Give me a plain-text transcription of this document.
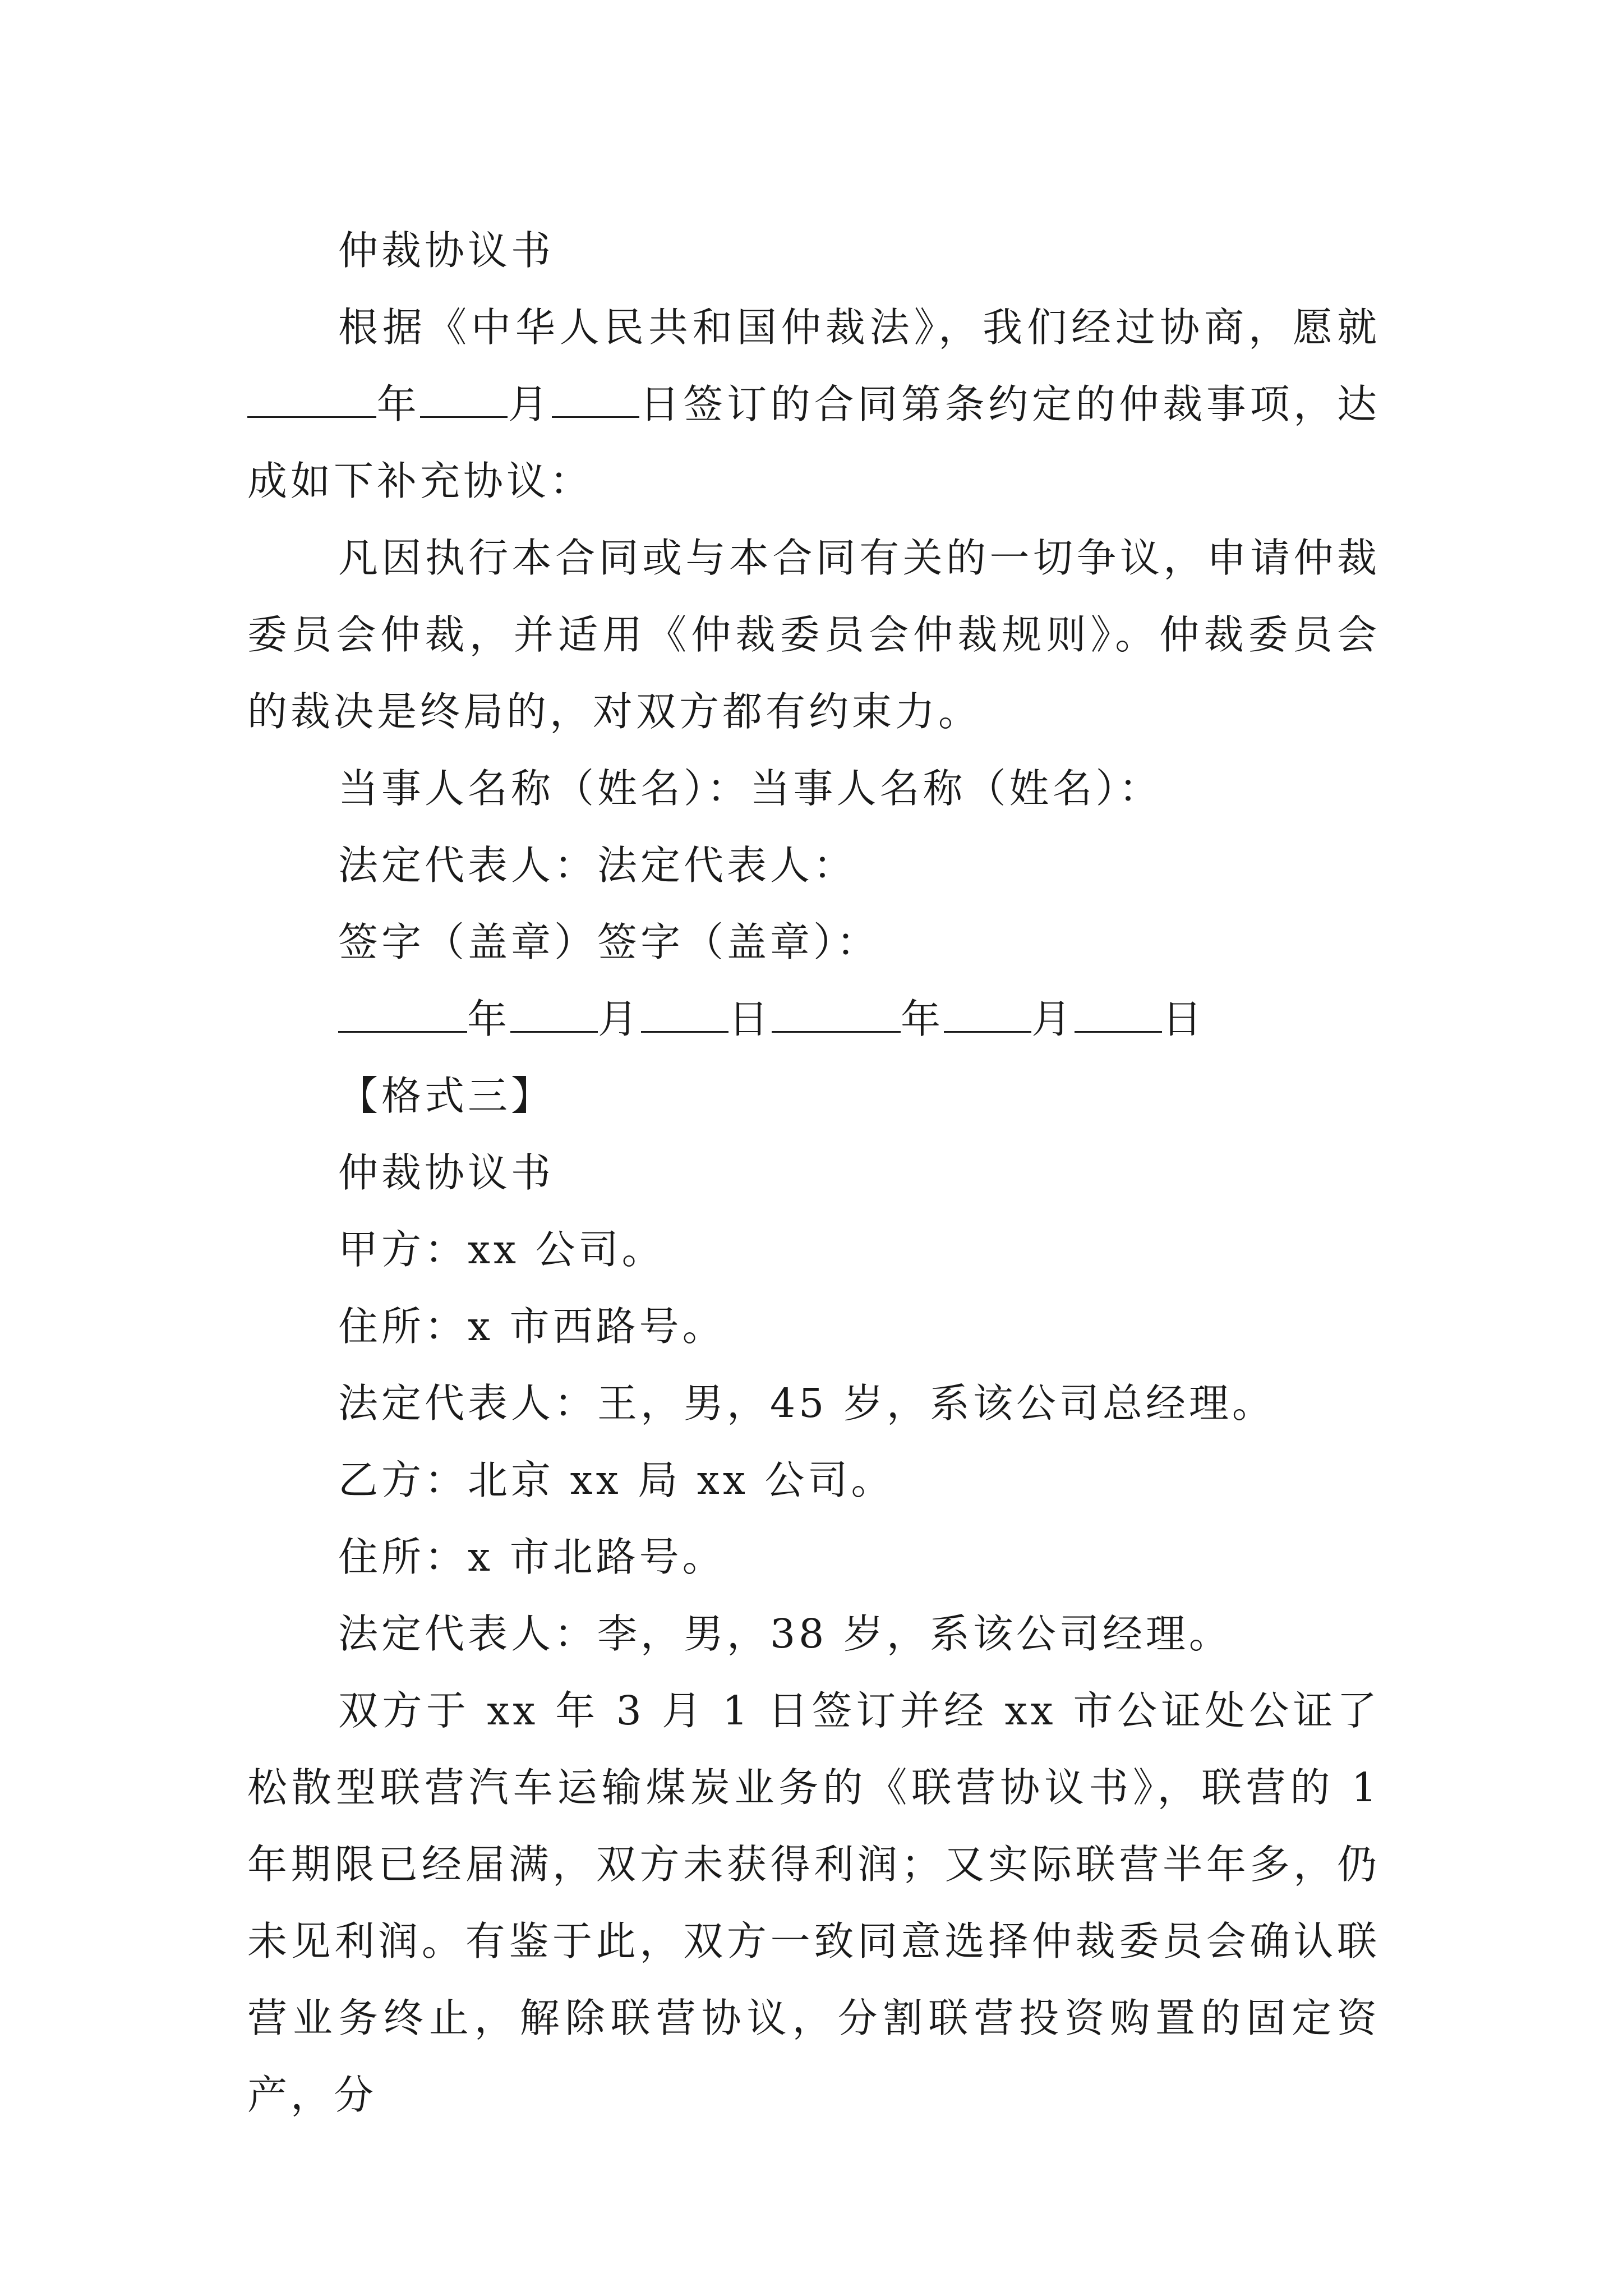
仲裁协议书

根据《中华人民共和国仲裁法》，我们经过协商，愿就年 月 日签订的合同第条约定的仲裁事项，达成如下补充协议：

凡因执行本合同或与本合同有关的一切争议，申请仲裁委员会仲裁，并适用《仲裁委员会仲裁规则》。仲裁委员会的裁决是终局的，对双方都有约束力。

当事人名称（姓名）：当事人名称（姓名）：

法定代表人：法定代表人：

签字（盖章）签字（盖章）：

年 月 日	年 月 日

【格式三】

仲裁协议书

甲方：xx 公司。

住所：x 市西路号。

法定代表人：王，男，45 岁，系该公司总经理。

乙方：北京 xx 局 xx 公司。

住所：x 市北路号。

法定代表人：李，男，38 岁，系该公司经理。

双方于 xx 年 3 月 1 日签订并经 xx 市公证处公证了松散型联营汽车运输煤炭业务的《联营协议书》，联营的 1 年期限已经届满，双方未获得利润；又实际联营半年多，仍未见利润。有鉴于此，双方一致同意选择仲裁委员会确认联营业务终止，解除联营协议，分割联营投资购置的固定资产，分
